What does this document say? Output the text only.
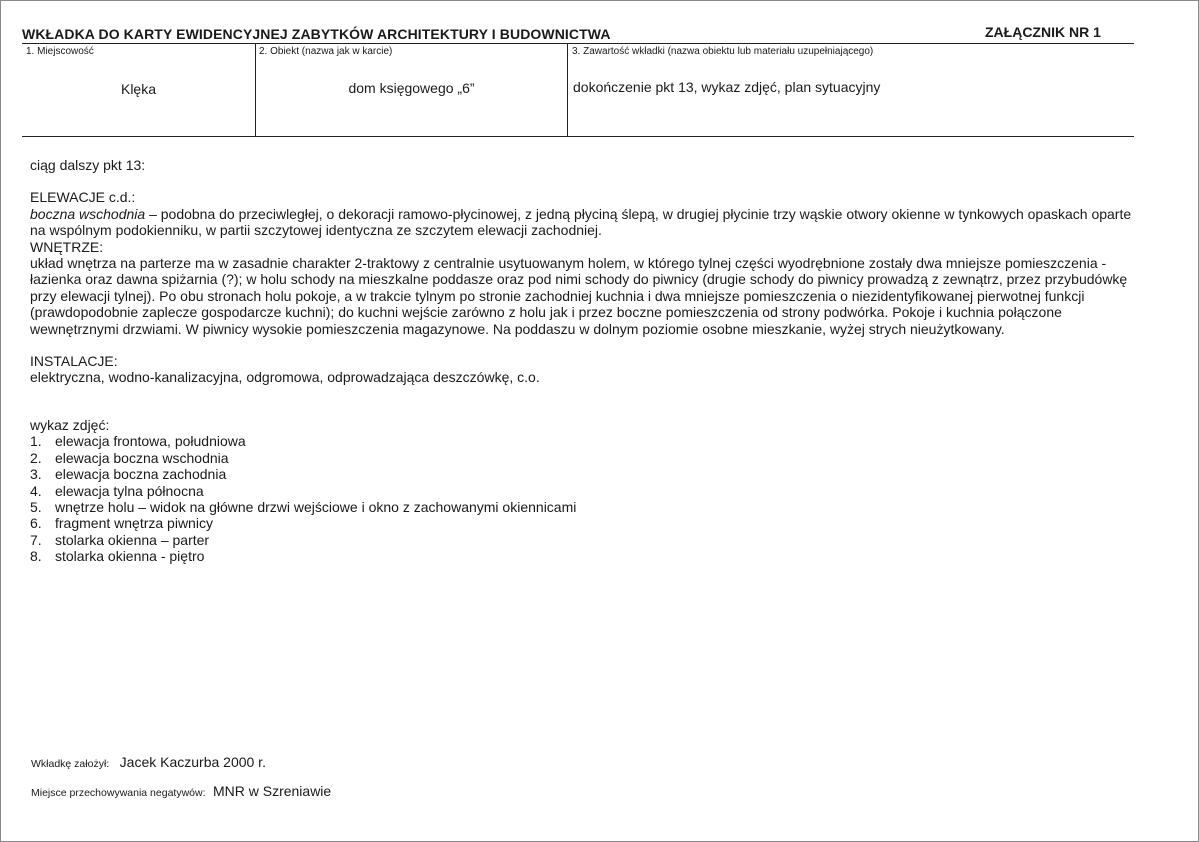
WKŁADKA DO KARTY EWIDENCYJNEJ ZABYTKÓW ARCHITEKTURY I BUDOWNICTWA	ZAŁĄCZNIK NR 1
1. Miejscowość	2. Obiekt (nazwa jak w karcie)	3. Zawartość wkładki (nazwa obiektu lub materiału uzupełniającego)
Klęka	dom księgowego „6”	dokończenie pkt 13, wykaz zdjęć, plan sytuacyjny

ciąg dalszy pkt 13:

ELEWACJE c.d.:

boczna wschodnia – podobna do przeciwległej, o dekoracji ramowo-płycinowej, z jedną płyciną ślepą, w drugiej płycinie trzy wąskie otwory okienne w tynkowych opaskach oparte na wspólnym podokienniku, w partii szczytowej identyczna ze szczytem elewacji zachodniej.

WNĘTRZE:

układ wnętrza na parterze ma w zasadnie charakter 2-traktowy z centralnie usytuowanym holem, w którego tylnej części wyodrębnione zostały dwa mniejsze pomieszczenia - łazienka oraz dawna spiżarnia (?); w holu schody na mieszkalne poddasze oraz pod nimi schody do piwnicy (drugie schody do piwnicy prowadzą z zewnątrz, przez przybudówkę przy elewacji tylnej). Po obu stronach holu pokoje, a w trakcie tylnym po stronie zachodniej kuchnia i dwa mniejsze pomieszczenia o niezidentyfikowanej pierwotnej funkcji (prawdopodobnie zaplecze gospodarcze kuchni); do kuchni wejście zarówno z holu jak i przez boczne pomieszczenia od strony podwórka. Pokoje i kuchnia połączone wewnętrznymi drzwiami. W piwnicy wysokie pomieszczenia magazynowe. Na poddaszu w dolnym poziomie osobne mieszkanie, wyżej strych nieużytkowany.

INSTALACJE:

elektryczna, wodno-kanalizacyjna, odgromowa, odprowadzająca deszczówkę, c.o.

wykaz zdjęć:

1. elewacja frontowa, południowa
2. elewacja boczna wschodnia
3. elewacja boczna zachodnia
4. elewacja tylna północna
5. wnętrze holu – widok na główne drzwi wejściowe i okno z zachowanymi okiennicami
6. fragment wnętrza piwnicy
7. stolarka okienna – parter
8. stolarka okienna - piętro
Wkładkę założył: Jacek Kaczurba 2000 r.
Miejsce przechowywania negatywów: MNR w Szreniawie
